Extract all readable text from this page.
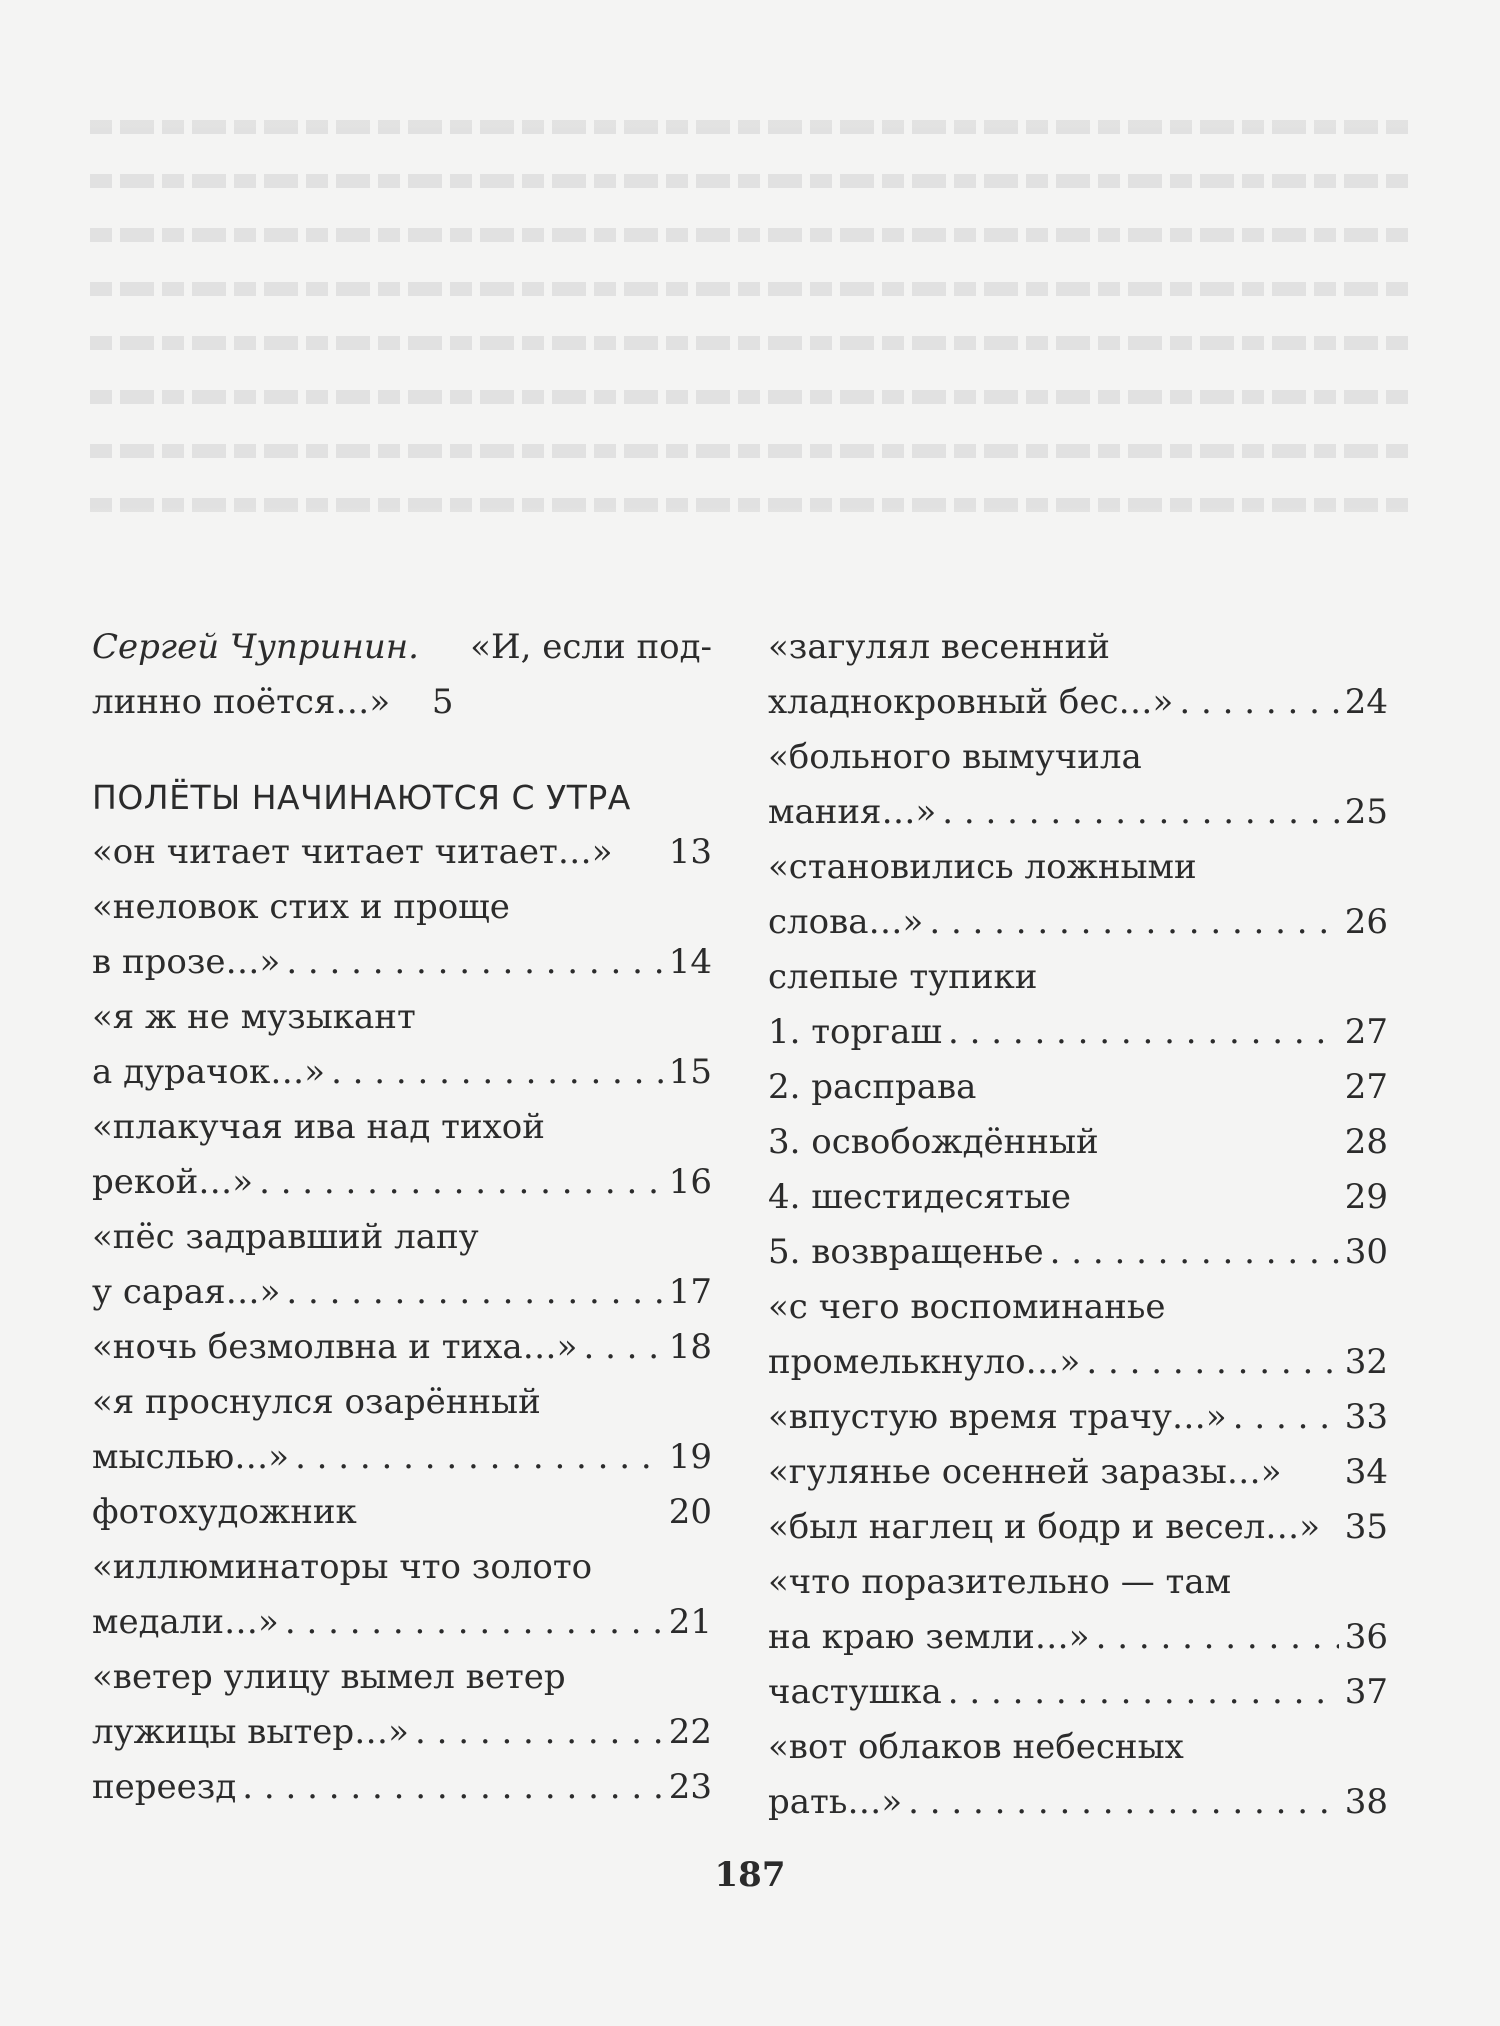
Сергей Чупринин. «И, если под-
линно поётся…» 5
ПОЛЁТЫ НАЧИНАЮТСЯ С УТРА
«он читает читает читает…» 13
«неловок стих и проще
в прозе…» . . .	14
«я ж не музыкант
а дурачок…» . . .	15
«плакучая ива над тихой
рекой…» . . .	16
«пёс задравший лапу
у сарая…» . . .	17
«ночь безмолвна и тиха…» . . .	18
«я проснулся озарённый
мыслью…» . . .	19
фотохудожник	20
«иллюминаторы что золото
медали…» . . .	21
«ветер улицу вымел ветер
лужицы вытер…» . . .	22
переезд . . .	23
«загулял весенний
хладнокровный бес…» . . .	24
«больного вымучила
мания…» . . .	25
«становились ложными
слова…» . . .	26
слепые тупики
1. торгаш . . .	27
2. расправа	27
3. освобождённый	28
4. шестидесятые	29
5. возвращенье . . .	30
«с чего воспоминанье
промелькнуло…» . . .	32
«впустую время трачу…» . . .	33
«гулянье осенней заразы…» 34
«был наглец и бодр и весел…» 35
«что поразительно — там
на краю земли…» . . .	36
частушка . . .	37
«вот облаков небесных
рать…» . . .	38
187
